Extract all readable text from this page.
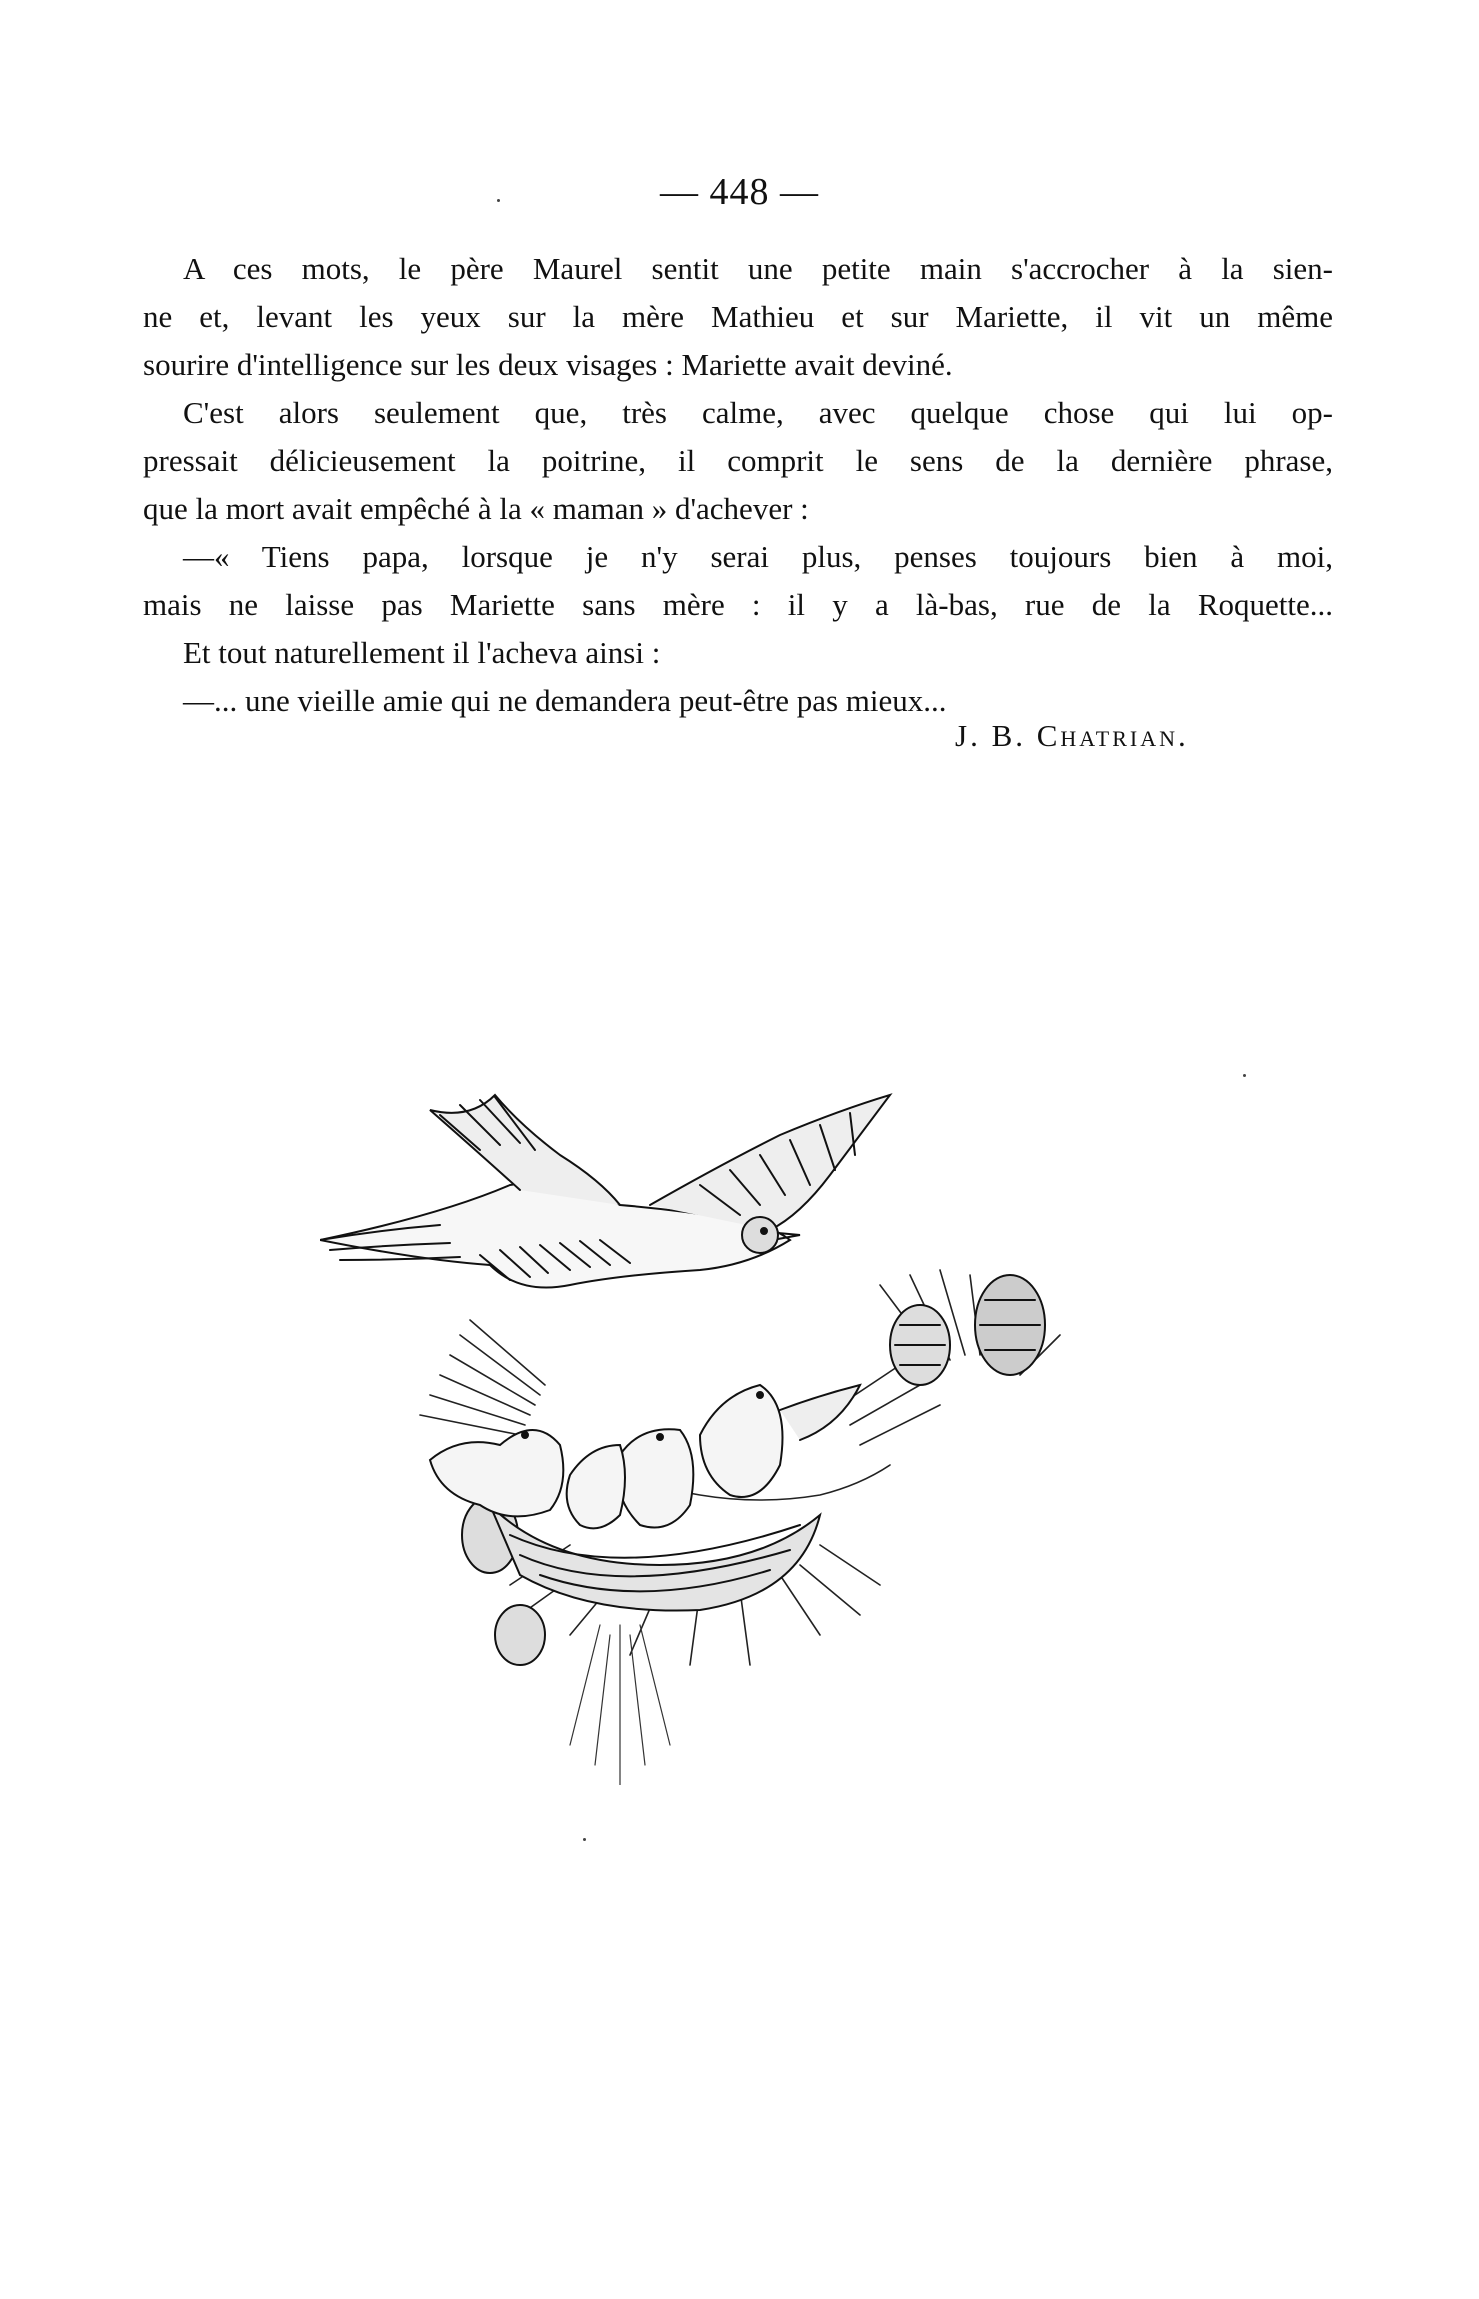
— 448 —
A ces mots, le père Maurel sentit une petite main s'accrocher à la sien-
ne et, levant les yeux sur la mère Mathieu et sur Mariette, il vit un même
sourire d'intelligence sur les deux visages : Mariette avait deviné.
C'est alors seulement que, très calme, avec quelque chose qui lui op-
pressait délicieusement la poitrine, il comprit le sens de la dernière phrase,
que la mort avait empêché à la « maman » d'achever :
—« Tiens papa, lorsque je n'y serai plus, penses toujours bien à moi,
mais ne laisse pas Mariette sans mère : il y a là-bas, rue de la Roquette...
Et tout naturellement il l'acheva ainsi :
—... une vieille amie qui ne demandera peut-être pas mieux...
J. B. Chatrian.
